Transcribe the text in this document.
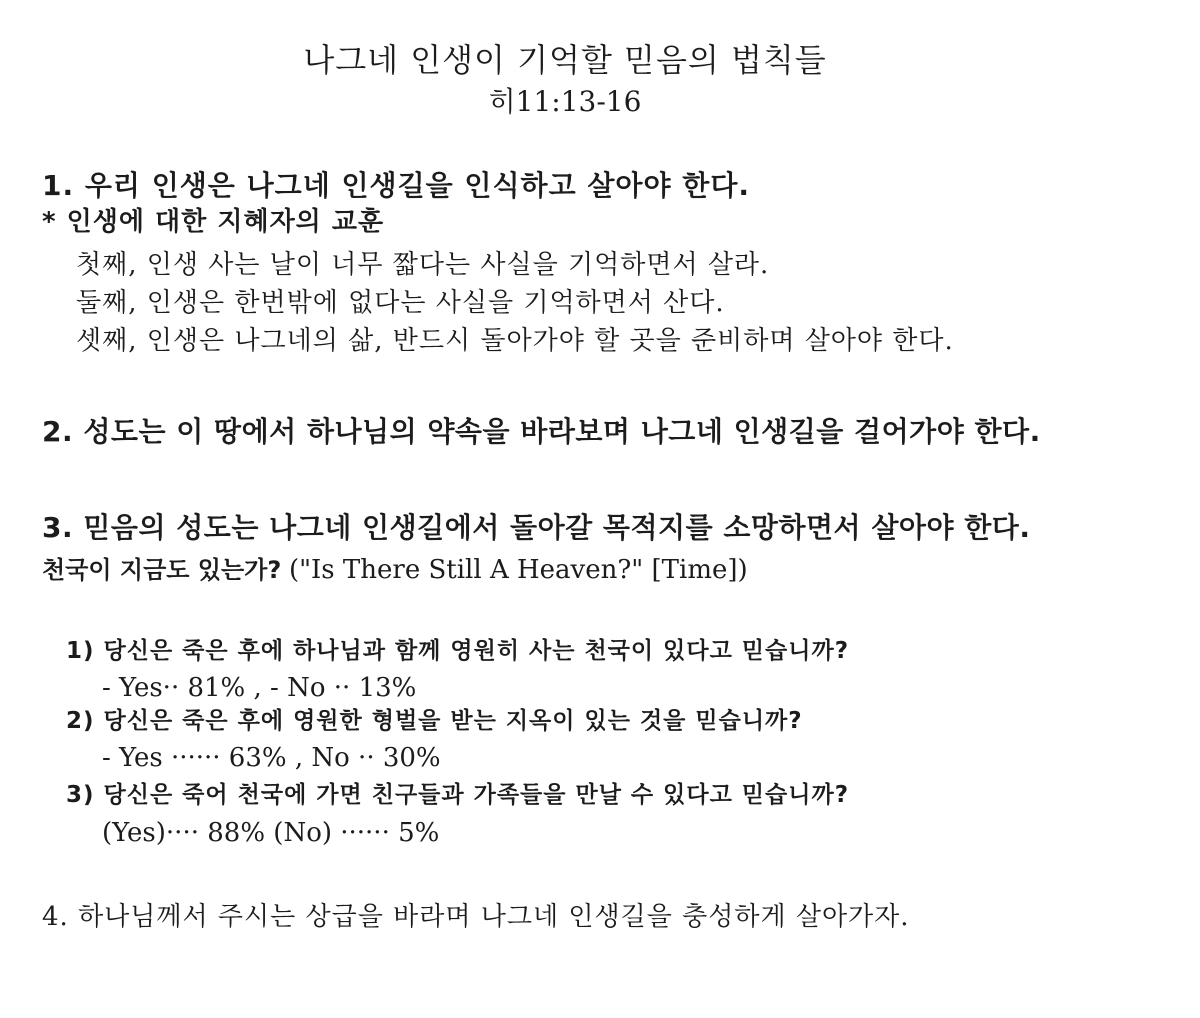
나그네 인생이 기억할 믿음의 법칙들
히11:13-16
1. 우리 인생은 나그네 인생길을 인식하고 살아야 한다.
* 인생에 대한 지혜자의 교훈
첫째, 인생 사는 날이 너무 짧다는 사실을 기억하면서 살라.
둘째, 인생은 한번밖에 없다는 사실을 기억하면서 산다.
셋째, 인생은 나그네의 삶, 반드시 돌아가야 할 곳을 준비하며 살아야 한다.
2. 성도는 이 땅에서 하나님의 약속을 바라보며 나그네 인생길을 걸어가야 한다.
3. 믿음의 성도는 나그네 인생길에서 돌아갈 목적지를 소망하면서 살아야 한다.
천국이 지금도 있는가? ("Is There Still A Heaven?" [Time])
1) 당신은 죽은 후에 하나님과 함께 영원히 사는 천국이 있다고 믿습니까?
- Yes·· 81% , - No ·· 13%
2) 당신은 죽은 후에 영원한 형벌을 받는 지옥이 있는 것을 믿습니까?
- Yes ······ 63% , No ·· 30%
3) 당신은 죽어 천국에 가면 친구들과 가족들을 만날 수 있다고 믿습니까?
(Yes)···· 88% (No) ······ 5%
4. 하나님께서 주시는 상급을 바라며 나그네 인생길을 충성하게 살아가자.
